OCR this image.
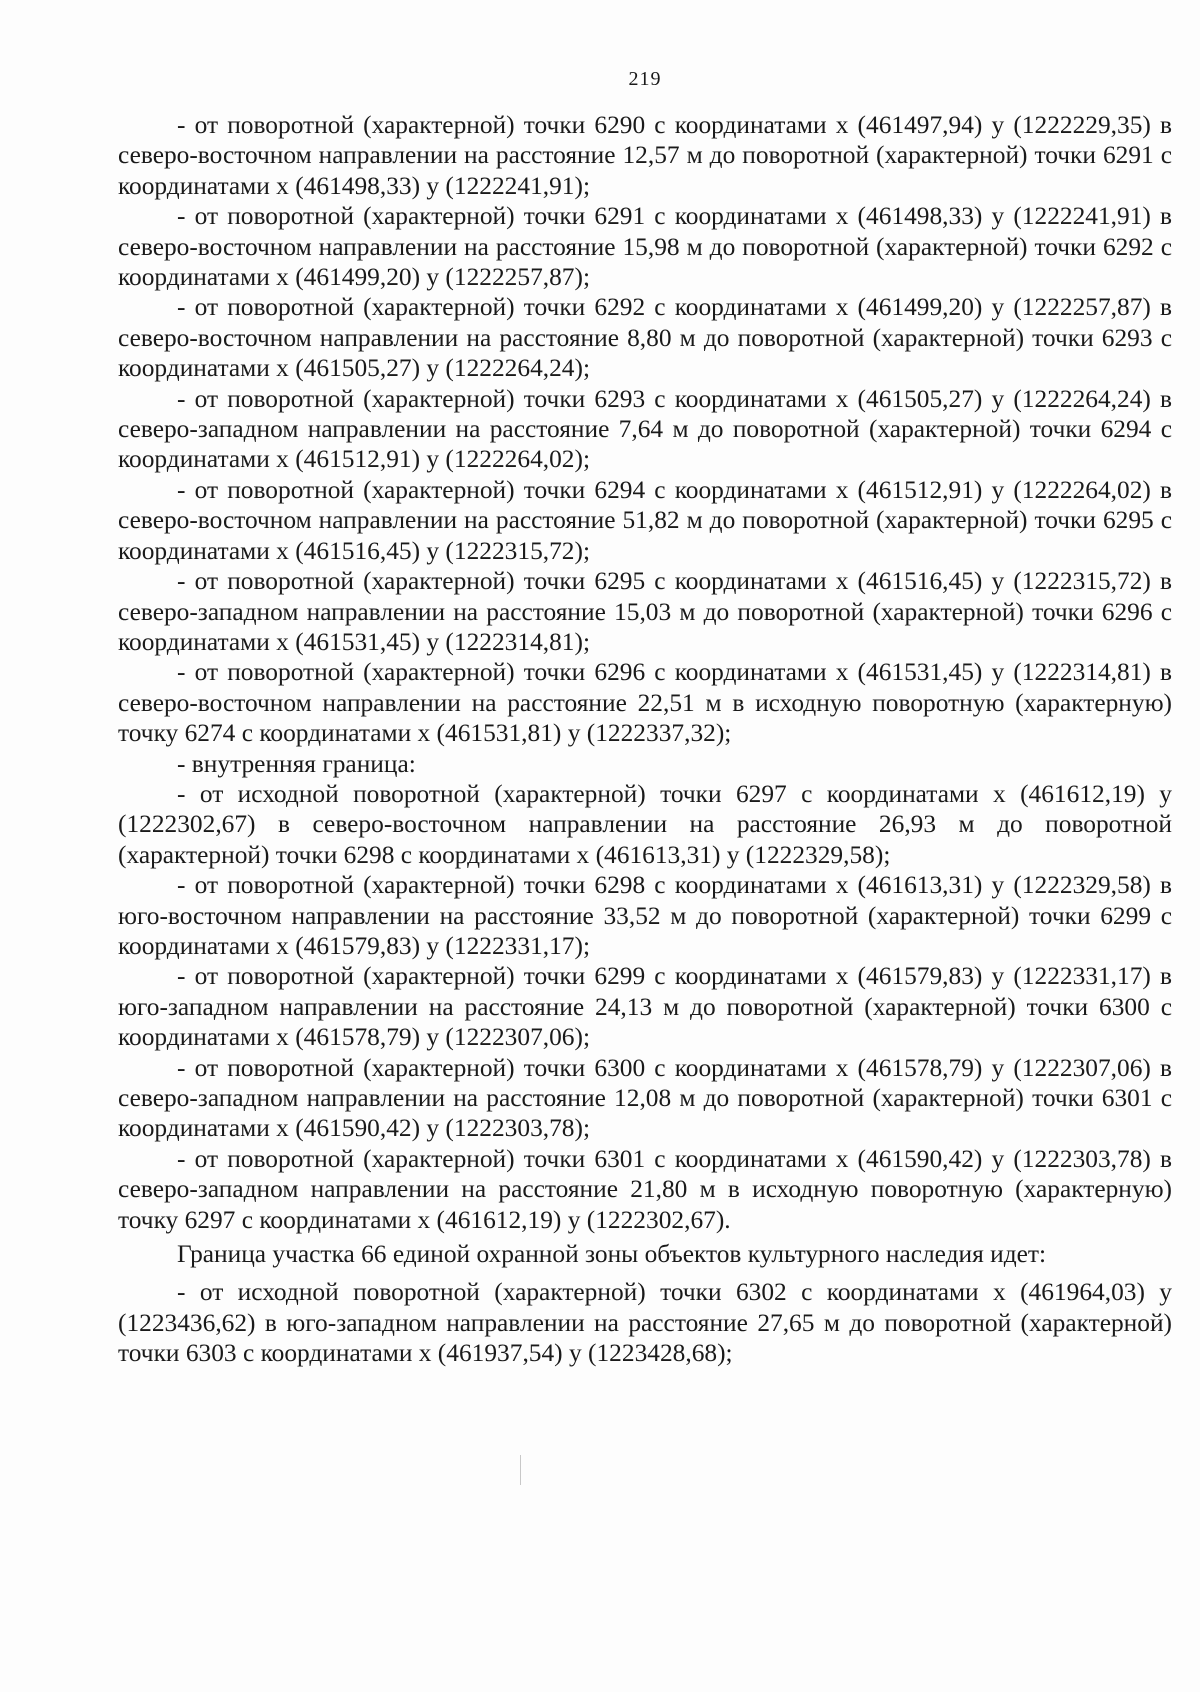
219

- от поворотной (характерной) точки 6290 с координатами x (461497,94) y (1222229,35) в северо-восточном направлении на расстояние 12,57 м до поворотной (характерной) точки 6291 с координатами x (461498,33) y (1222241,91);

- от поворотной (характерной) точки 6291 с координатами x (461498,33) y (1222241,91) в северо-восточном направлении на расстояние 15,98 м до поворотной (характерной) точки 6292 с координатами x (461499,20) y (1222257,87);

- от поворотной (характерной) точки 6292 с координатами x (461499,20) y (1222257,87) в северо-восточном направлении на расстояние 8,80 м до поворотной (характерной) точки 6293 с координатами x (461505,27) y (1222264,24);

- от поворотной (характерной) точки 6293 с координатами x (461505,27) y (1222264,24) в северо-западном направлении на расстояние 7,64 м до поворотной (характерной) точки 6294 с координатами x (461512,91) y (1222264,02);

- от поворотной (характерной) точки 6294 с координатами x (461512,91) y (1222264,02) в северо-восточном направлении на расстояние 51,82 м до поворотной (характерной) точки 6295 с координатами x (461516,45) y (1222315,72);

- от поворотной (характерной) точки 6295 с координатами x (461516,45) y (1222315,72) в северо-западном направлении на расстояние 15,03 м до поворотной (характерной) точки 6296 с координатами x (461531,45) y (1222314,81);

- от поворотной (характерной) точки 6296 с координатами x (461531,45) y (1222314,81) в северо-восточном направлении на расстояние 22,51 м в исходную поворотную (характерную) точку 6274 с координатами x (461531,81) y (1222337,32);

- внутренняя граница:

- от исходной поворотной (характерной) точки 6297 с координатами x (461612,19) y (1222302,67) в северо-восточном направлении на расстояние 26,93 м до поворотной (характерной) точки 6298 с координатами x (461613,31) y (1222329,58);

- от поворотной (характерной) точки 6298 с координатами x (461613,31) y (1222329,58) в юго-восточном направлении на расстояние 33,52 м до поворотной (характерной) точки 6299 с координатами x (461579,83) y (1222331,17);

- от поворотной (характерной) точки 6299 с координатами x (461579,83) y (1222331,17) в юго-западном направлении на расстояние 24,13 м до поворотной (характерной) точки 6300 с координатами x (461578,79) y (1222307,06);

- от поворотной (характерной) точки 6300 с координатами x (461578,79) y (1222307,06) в северо-западном направлении на расстояние 12,08 м до поворотной (характерной) точки 6301 с координатами x (461590,42) y (1222303,78);

- от поворотной (характерной) точки 6301 с координатами x (461590,42) y (1222303,78) в северо-западном направлении на расстояние 21,80 м в исходную поворотную (характерную) точку 6297 с координатами x (461612,19) y (1222302,67).

Граница участка 66 единой охранной зоны объектов культурного наследия идет:

- от исходной поворотной (характерной) точки 6302 с координатами x (461964,03) y (1223436,62) в юго-западном направлении на расстояние 27,65 м до поворотной (характерной) точки 6303 с координатами x (461937,54) y (1223428,68);
